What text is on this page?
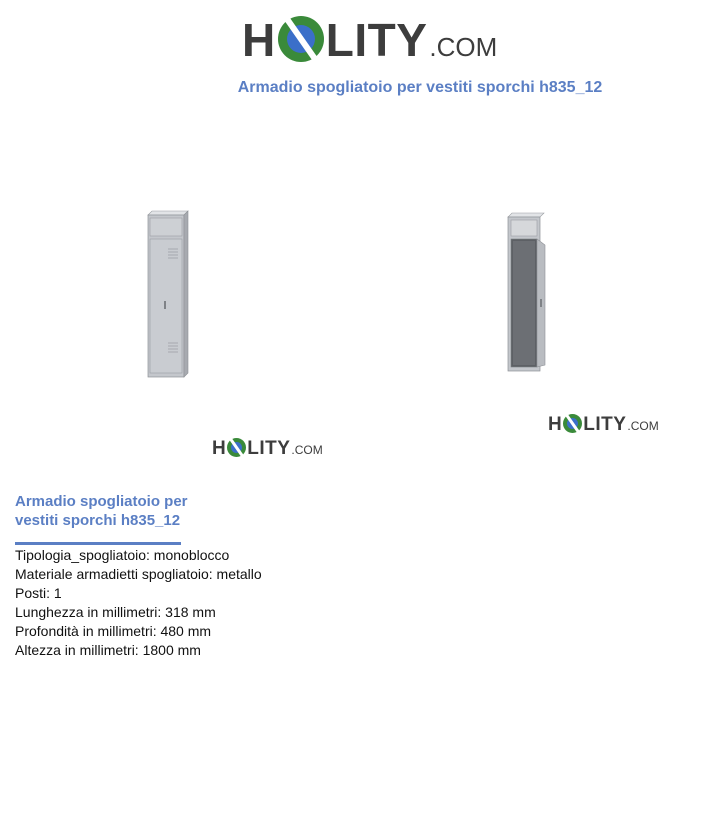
H LITY .COM
Armadio spogliatoio per vestiti sporchi h835_12
H LITY .COM
H LITY .COM
Armadio spogliatoio per vestiti sporchi h835_12
Tipologia_spogliatoio: monoblocco
Materiale armadietti spogliatoio: metallo
Posti: 1
Lunghezza in millimetri: 318 mm
Profondità in millimetri: 480 mm
Altezza in millimetri: 1800 mm
